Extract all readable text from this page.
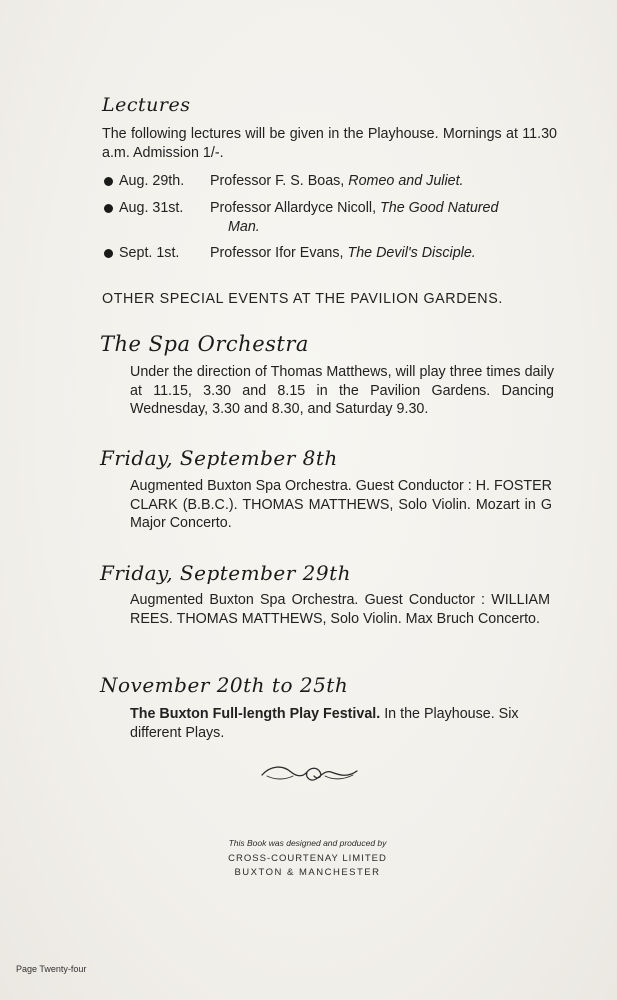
Lectures
The following lectures will be given in the Playhouse. Mornings at 11.30 a.m. Admission 1/-.
Aug. 29th. Professor F. S. Boas, Romeo and Juliet.
Aug. 31st. Professor Allardyce Nicoll, The Good Natured
Man.
Sept. 1st. Professor Ifor Evans, The Devil's Disciple.
OTHER SPECIAL EVENTS AT THE PAVILION GARDENS.
The Spa Orchestra
Under the direction of Thomas Matthews, will play three times daily at 11.15, 3.30 and 8.15 in the Pavilion Gardens. Dancing Wednesday, 3.30 and 8.30, and Saturday 9.30.
Friday, September 8th
Augmented Buxton Spa Orchestra. Guest Conductor : H. FOSTER CLARK (B.B.C.). THOMAS MATTHEWS, Solo Violin. Mozart in G Major Concerto.
Friday, September 29th
Augmented Buxton Spa Orchestra. Guest Conductor : WILLIAM REES. THOMAS MATTHEWS, Solo Violin. Max Bruch Concerto.
November 20th to 25th
The Buxton Full-length Play Festival. In the Playhouse. Six different Plays.
This Book was designed and produced by
CROSS-COURTENAY LIMITED
BUXTON & MANCHESTER
Page Twenty-four
